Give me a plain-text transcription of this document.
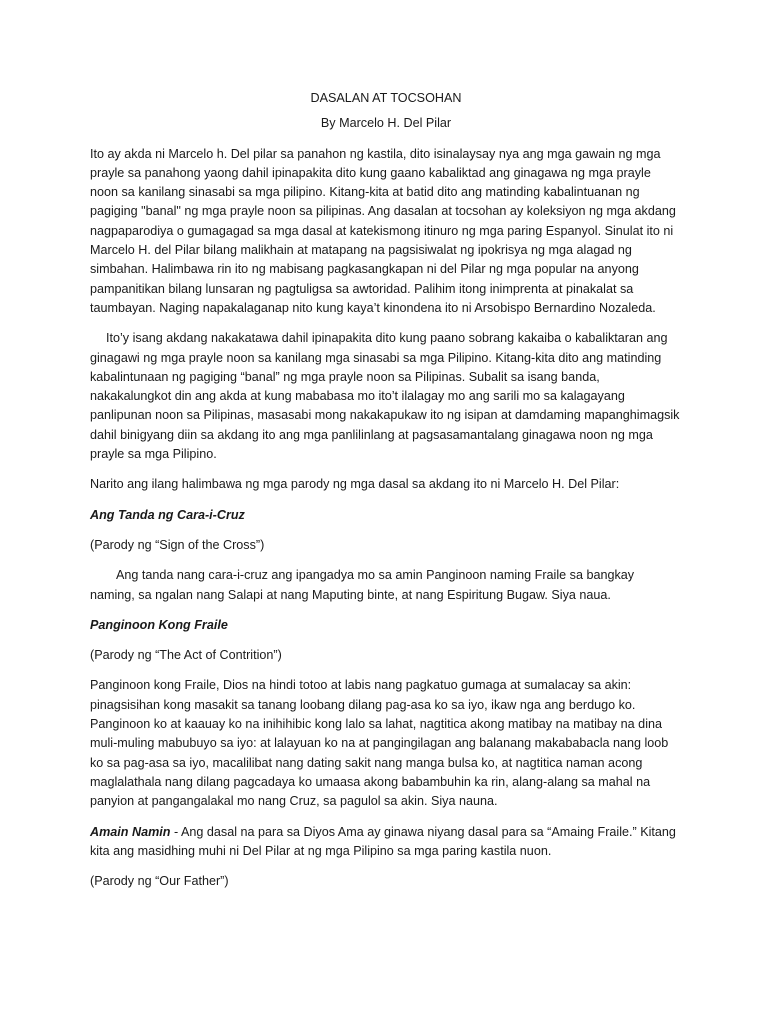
DASALAN AT TOCSOHAN
By Marcelo H. Del Pilar

Ito ay akda ni Marcelo h. Del pilar sa panahon ng kastila, dito isinalaysay nya ang mga gawain ng mga prayle sa panahong yaong dahil ipinapakita dito kung gaano kabaliktad ang ginagawa ng mga prayle noon sa kanilang sinasabi sa mga pilipino. Kitang-kita at batid dito ang matinding kabalintuanan ng pagiging "banal" ng mga prayle noon sa pilipinas. Ang dasalan at tocsohan ay koleksiyon ng mga akdang nagpaparodiya o gumagagad sa mga dasal at katekismong itinuro ng mga paring Espanyol. Sinulat ito ni Marcelo H. del Pilar bilang malikhain at matapang na pagsisiwalat ng ipokrisya ng mga alagad ng simbahan. Halimbawa rin ito ng mabisang pagkasangkapan ni del Pilar ng mga popular na anyong pampanitikan bilang lunsaran ng pagtuligsa sa awtoridad. Palihim itong inimprenta at pinakalat sa taumbayan. Naging napakalaganap nito kung kaya’t kinondena ito ni Arsobispo Bernardino Nozaleda.

Ito’y isang akdang nakakatawa dahil ipinapakita dito kung paano sobrang kakaiba o kabaliktaran ang ginagawi ng mga prayle noon sa kanilang mga sinasabi sa mga Pilipino. Kitang-kita dito ang matinding kabalintunaan ng pagiging “banal” ng mga prayle noon sa Pilipinas. Subalit sa isang banda, nakakalungkot din ang akda at kung mababasa mo ito’t ilalagay mo ang sarili mo sa kalagayang panlipunan noon sa Pilipinas, masasabi mong nakakapukaw ito ng isipan at damdaming mapanghimagsik dahil binigyang diin sa akdang ito ang mga panlilinlang at pagsasamantalang ginagawa noon ng mga prayle sa mga Pilipino.

Narito ang ilang halimbawa ng mga parody ng mga dasal sa akdang ito ni Marcelo H. Del Pilar:

Ang Tanda ng Cara-i-Cruz

(Parody ng “Sign of the Cross”)

Ang tanda nang cara-i-cruz ang ipangadya mo sa amin Panginoon naming Fraile sa bangkay naming, sa ngalan nang Salapi at nang Maputing binte, at nang Espiritung Bugaw. Siya naua.

Panginoon Kong Fraile

(Parody ng “The Act of Contrition”)

Panginoon kong Fraile, Dios na hindi totoo at labis nang pagkatuo gumaga at sumalacay sa akin: pinagsisihan kong masakit sa tanang loobang dilang pag-asa ko sa iyo, ikaw nga ang berdugo ko. Panginoon ko at kaauay ko na inihihibic kong lalo sa lahat, nagtitica akong matibay na matibay na dina muli-muling mabubuyo sa iyo: at lalayuan ko na at pangingilagan ang balanang makababacla nang loob ko sa pag-asa sa iyo, macalilibat nang dating sakit nang manga bulsa ko, at nagtitica naman acong maglalathala nang dilang pagcadaya ko umaasa akong babambuhin ka rin, alang-alang sa mahal na panyion at pangangalakal mo nang Cruz, sa pagulol sa akin. Siya nauna.

Amain Namin - Ang dasal na para sa Diyos Ama ay ginawa niyang dasal para sa “Amaing Fraile.” Kitang kita ang masidhing muhi ni Del Pilar at ng mga Pilipino sa mga paring kastila nuon.

(Parody ng “Our Father”)
